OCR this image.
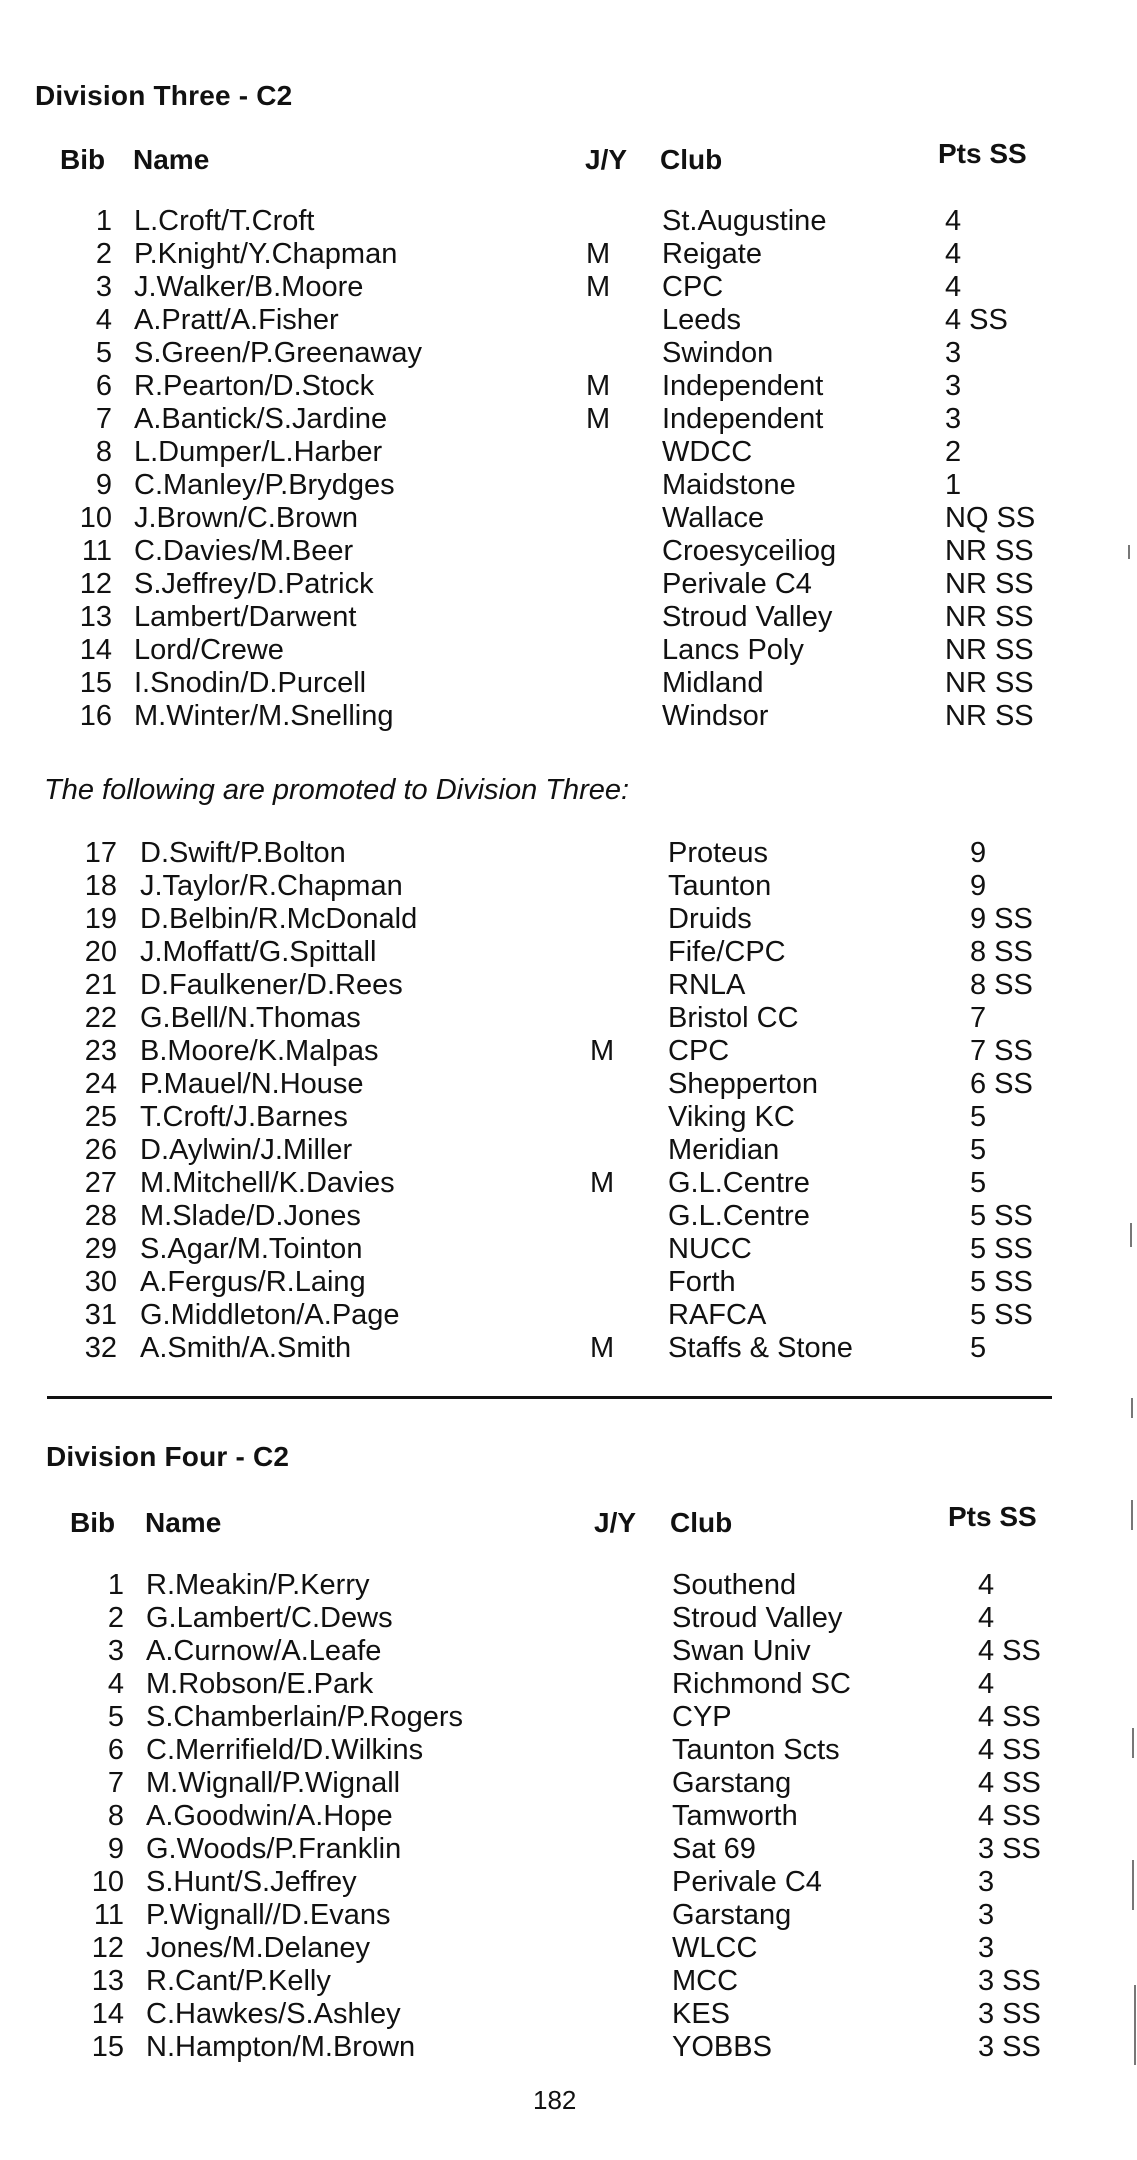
Division Three - C2
Bib Name	J/Y Club	Pts SS
1 L.Croft/T.Croft	St.Augustine	4
2 P.Knight/Y.Chapman	M Reigate	4
3 J.Walker/B.Moore	M CPC	4
4 A.Pratt/A.Fisher	Leeds	4 SS
5 S.Green/P.Greenaway	Swindon	3
6 R.Pearton/D.Stock	M Independent	3
7 A.Bantick/S.Jardine	M Independent	3
8 L.Dumper/L.Harber	WDCC	2
9 C.Manley/P.Brydges	Maidstone	1
10 J.Brown/C.Brown	Wallace	NQ SS
11 C.Davies/M.Beer	Croesyceiliog	NR SS
12 S.Jeffrey/D.Patrick	Perivale C4	NR SS
13 Lambert/Darwent	Stroud Valley	NR SS
14 Lord/Crewe	Lancs Poly	NR SS
15 I.Snodin/D.Purcell	Midland	NR SS
16 M.Winter/M.Snelling	Windsor	NR SS
The following are promoted to Division Three:
17 D.Swift/P.Bolton	Proteus	9
18 J.Taylor/R.Chapman	Taunton	9
19 D.Belbin/R.McDonald	Druids	9 SS
20 J.Moffatt/G.Spittall	Fife/CPC	8 SS
21 D.Faulkener/D.Rees	RNLA	8 SS
22 G.Bell/N.Thomas	Bristol CC	7
23 B.Moore/K.Malpas	M CPC	7 SS
24 P.Mauel/N.House	Shepperton	6 SS
25 T.Croft/J.Barnes	Viking KC	5
26 D.Aylwin/J.Miller	Meridian	5
27 M.Mitchell/K.Davies	M G.L.Centre	5
28 M.Slade/D.Jones	G.L.Centre	5 SS
29 S.Agar/M.Tointon	NUCC	5 SS
30 A.Fergus/R.Laing	Forth	5 SS
31 G.Middleton/A.Page	RAFCA	5 SS
32 A.Smith/A.Smith	M Staffs & Stone	5
Division Four - C2
Bib Name	J/Y Club	Pts SS
1 R.Meakin/P.Kerry	Southend	4
2 G.Lambert/C.Dews	Stroud Valley	4
3 A.Curnow/A.Leafe	Swan Univ	4 SS
4 M.Robson/E.Park	Richmond SC	4
5 S.Chamberlain/P.Rogers	CYP	4 SS
6 C.Merrifield/D.Wilkins	Taunton Scts	4 SS
7 M.Wignall/P.Wignall	Garstang	4 SS
8 A.Goodwin/A.Hope	Tamworth	4 SS
9 G.Woods/P.Franklin	Sat 69	3 SS
10 S.Hunt/S.Jeffrey	Perivale C4	3
11 P.Wignall//D.Evans	Garstang	3
12 Jones/M.Delaney	WLCC	3
13 R.Cant/P.Kelly	MCC	3 SS
14 C.Hawkes/S.Ashley	KES	3 SS
15 N.Hampton/M.Brown	YOBBS	3 SS
182
